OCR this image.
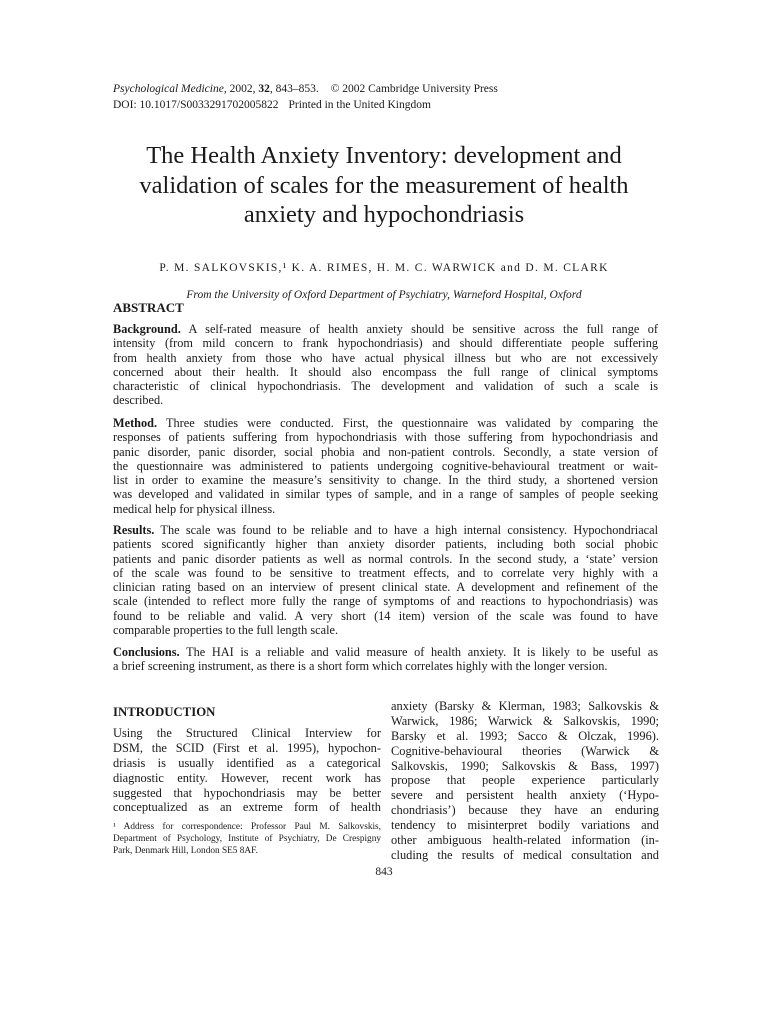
Psychological Medicine, 2002, 32, 843–853. © 2002 Cambridge University Press
DOI: 10.1017/S0033291702005822 Printed in the United Kingdom
The Health Anxiety Inventory: development and
validation of scales for the measurement of health
anxiety and hypochondriasis
P. M. SALKOVSKIS,¹ K. A. RIMES, H. M. C. WARWICK and D. M. CLARK
From the University of Oxford Department of Psychiatry, Warneford Hospital, Oxford
ABSTRACT
Background. A self-rated measure of health anxiety should be sensitive across the full range of
intensity (from mild concern to frank hypochondriasis) and should differentiate people suffering
from health anxiety from those who have actual physical illness but who are not excessively
concerned about their health. It should also encompass the full range of clinical symptoms
characteristic of clinical hypochondriasis. The development and validation of such a scale is
described.
Method. Three studies were conducted. First, the questionnaire was validated by comparing the
responses of patients suffering from hypochondriasis with those suffering from hypochondriasis and
panic disorder, panic disorder, social phobia and non-patient controls. Secondly, a state version of
the questionnaire was administered to patients undergoing cognitive-behavioural treatment or wait-
list in order to examine the measure’s sensitivity to change. In the third study, a shortened version
was developed and validated in similar types of sample, and in a range of samples of people seeking
medical help for physical illness.
Results. The scale was found to be reliable and to have a high internal consistency. Hypochondriacal
patients scored significantly higher than anxiety disorder patients, including both social phobic
patients and panic disorder patients as well as normal controls. In the second study, a ‘state’ version
of the scale was found to be sensitive to treatment effects, and to correlate very highly with a
clinician rating based on an interview of present clinical state. A development and refinement of the
scale (intended to reflect more fully the range of symptoms of and reactions to hypochondriasis) was
found to be reliable and valid. A very short (14 item) version of the scale was found to have
comparable properties to the full length scale.
Conclusions. The HAI is a reliable and valid measure of health anxiety. It is likely to be useful as
a brief screening instrument, as there is a short form which correlates highly with the longer version.
INTRODUCTION
Using the Structured Clinical Interview for
DSM, the SCID (First et al. 1995), hypochon-
driasis is usually identified as a categorical
diagnostic entity. However, recent work has
suggested that hypochondriasis may be better
conceptualized as an extreme form of health
anxiety (Barsky & Klerman, 1983; Salkovskis &
Warwick, 1986; Warwick & Salkovskis, 1990;
Barsky et al. 1993; Sacco & Olczak, 1996).
Cognitive-behavioural theories (Warwick &
Salkovskis, 1990; Salkovskis & Bass, 1997)
propose that people experience particularly
severe and persistent health anxiety (‘Hypo-
chondriasis’) because they have an enduring
tendency to misinterpret bodily variations and
other ambiguous health-related information (in-
cluding the results of medical consultation and
¹ Address for correspondence: Professor Paul M. Salkovskis,
Department of Psychology, Institute of Psychiatry, De Crespigny
Park, Denmark Hill, London SE5 8AF.
843
